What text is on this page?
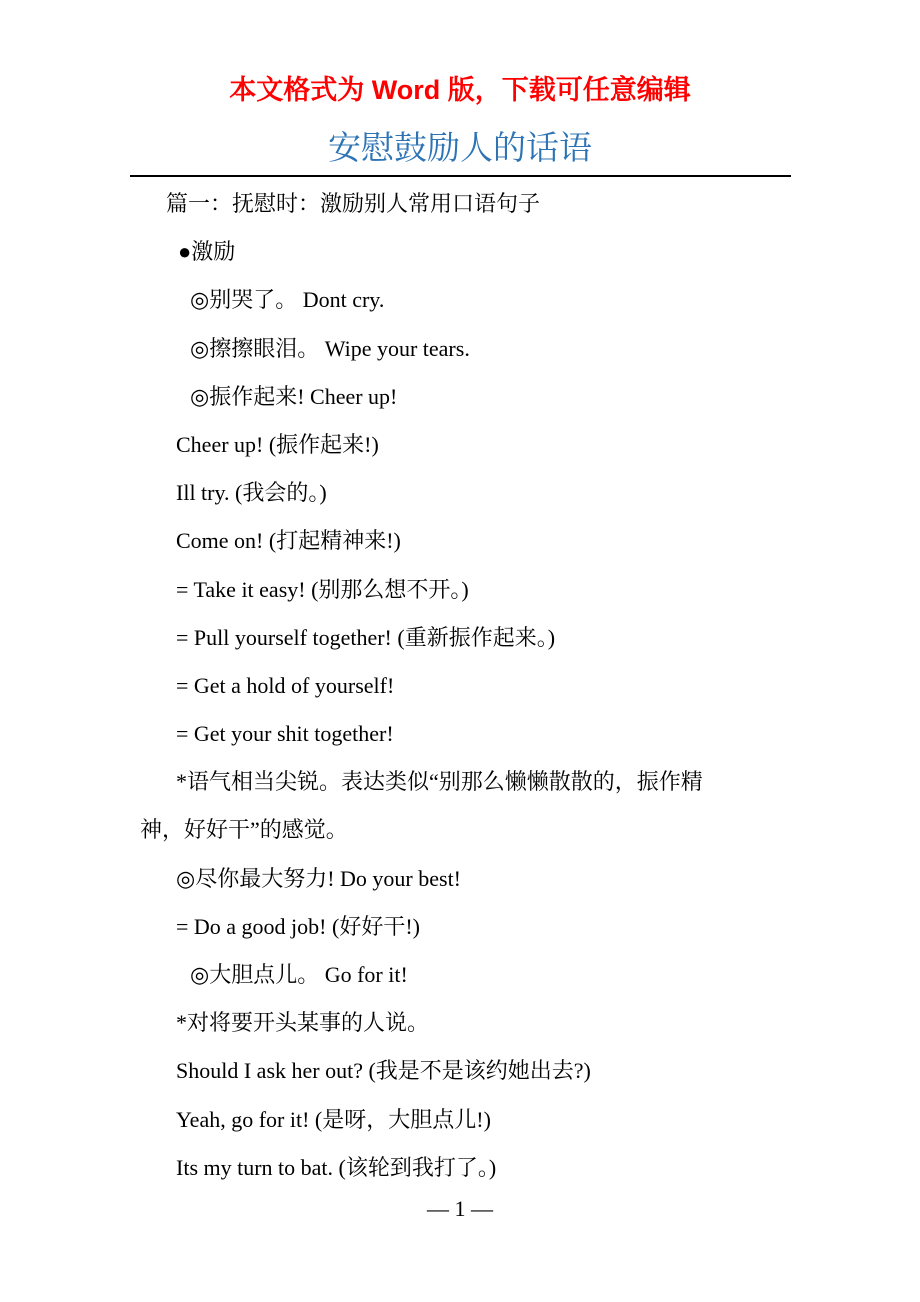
本文格式为 Word 版，下载可任意编辑
安慰鼓励人的话语
篇一：抚慰时：激励别人常用口语句子
●激励
◎别哭了。 Dont cry.
◎擦擦眼泪。 Wipe your tears.
◎振作起来! Cheer up!
Cheer up! (振作起来!)
Ill try. (我会的。)
Come on! (打起精神来!)
= Take it easy! (别那么想不开。)
= Pull yourself together! (重新振作起来。)
= Get a hold of yourself!
= Get your shit together!
*语气相当尖锐。表达类似“别那么懒懒散散的，振作精
神，好好干”的感觉。
◎尽你最大努力! Do your best!
= Do a good job! (好好干!)
◎大胆点儿。 Go for it!
*对将要开头某事的人说。
Should I ask her out? (我是不是该约她出去?)
Yeah, go for it! (是呀，大胆点儿!)
Its my turn to bat. (该轮到我打了。)
— 1 —
